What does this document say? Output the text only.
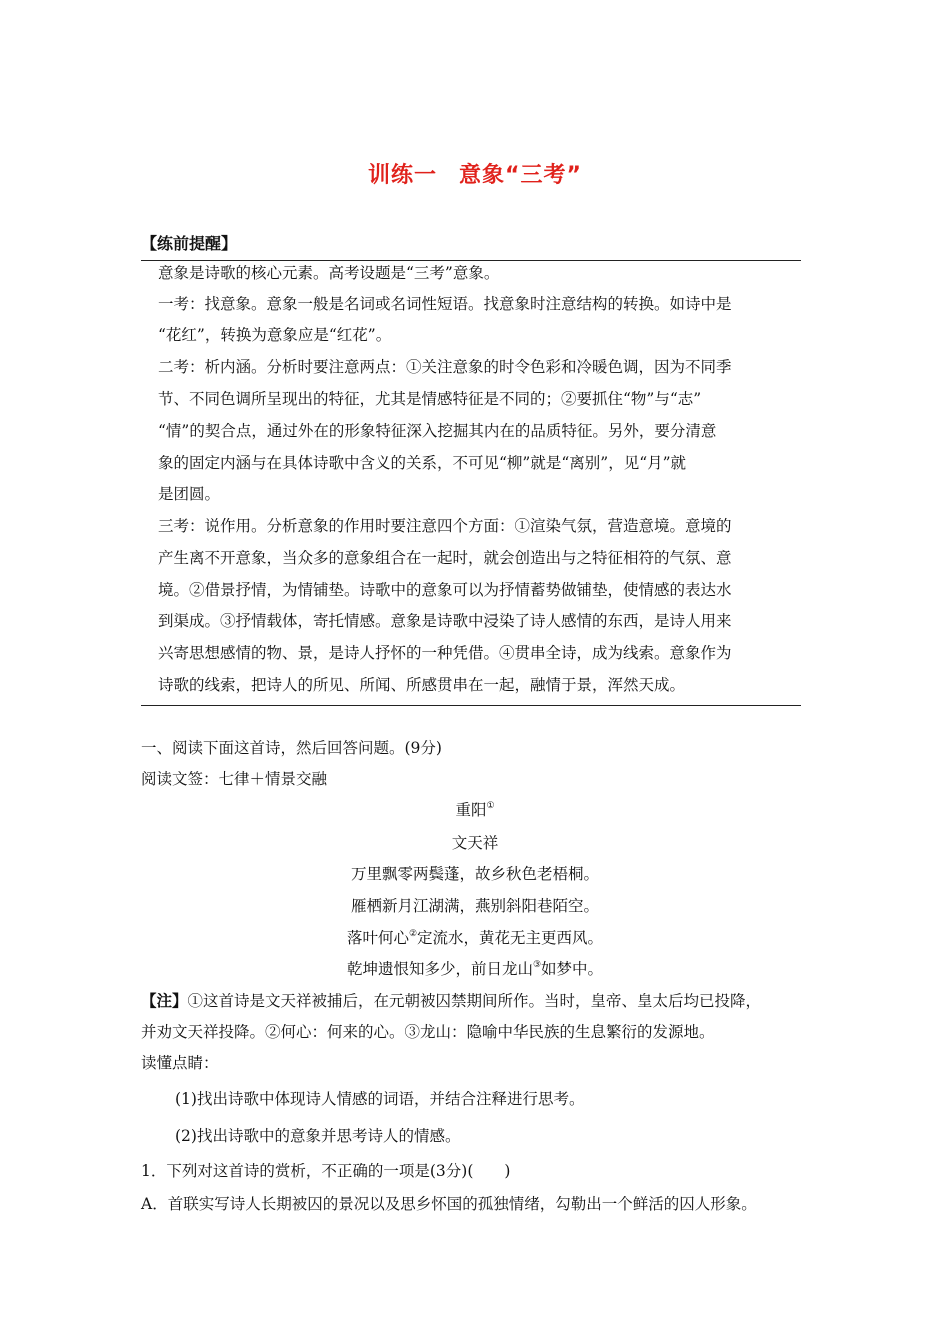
训练一 意象“三考”
【练前提醒】
意象是诗歌的核心元素。高考设题是“三考”意象。
一考：找意象。意象一般是名词或名词性短语。找意象时注意结构的转换。如诗中是
“花红”，转换为意象应是“红花”。
二考：析内涵。分析时要注意两点：①关注意象的时令色彩和冷暖色调，因为不同季
节、不同色调所呈现出的特征，尤其是情感特征是不同的；②要抓住“物”与“志”
“情”的契合点，通过外在的形象特征深入挖掘其内在的品质特征。另外，要分清意
象的固定内涵与在具体诗歌中含义的关系，不可见“柳”就是“离别”，见“月”就
是团圆。
三考：说作用。分析意象的作用时要注意四个方面：①渲染气氛，营造意境。意境的
产生离不开意象，当众多的意象组合在一起时，就会创造出与之特征相符的气氛、意
境。②借景抒情，为情铺垫。诗歌中的意象可以为抒情蓄势做铺垫，使情感的表达水
到渠成。③抒情载体，寄托情感。意象是诗歌中浸染了诗人感情的东西，是诗人用来
兴寄思想感情的物、景，是诗人抒怀的一种凭借。④贯串全诗，成为线索。意象作为
诗歌的线索，把诗人的所见、所闻、所感贯串在一起，融情于景，浑然天成。
一、阅读下面这首诗，然后回答问题。(9分)
阅读文签：七律＋情景交融
重阳①
文天祥
万里飘零两鬓蓬，故乡秋色老梧桐。
雁栖新月江湖满，燕别斜阳巷陌空。
落叶何心②定流水，黄花无主更西风。
乾坤遗恨知多少，前日龙山③如梦中。
【注】①这首诗是文天祥被捕后，在元朝被囚禁期间所作。当时，皇帝、皇太后均已投降，
并劝文天祥投降。②何心：何来的心。③龙山：隐喻中华民族的生息繁衍的发源地。
读懂点睛：
(1)找出诗歌中体现诗人情感的词语，并结合注释进行思考。
(2)找出诗歌中的意象并思考诗人的情感。
1．下列对这首诗的赏析，不正确的一项是(3分)(　　)
A．首联实写诗人长期被囚的景况以及思乡怀国的孤独情绪，勾勒出一个鲜活的囚人形象。
